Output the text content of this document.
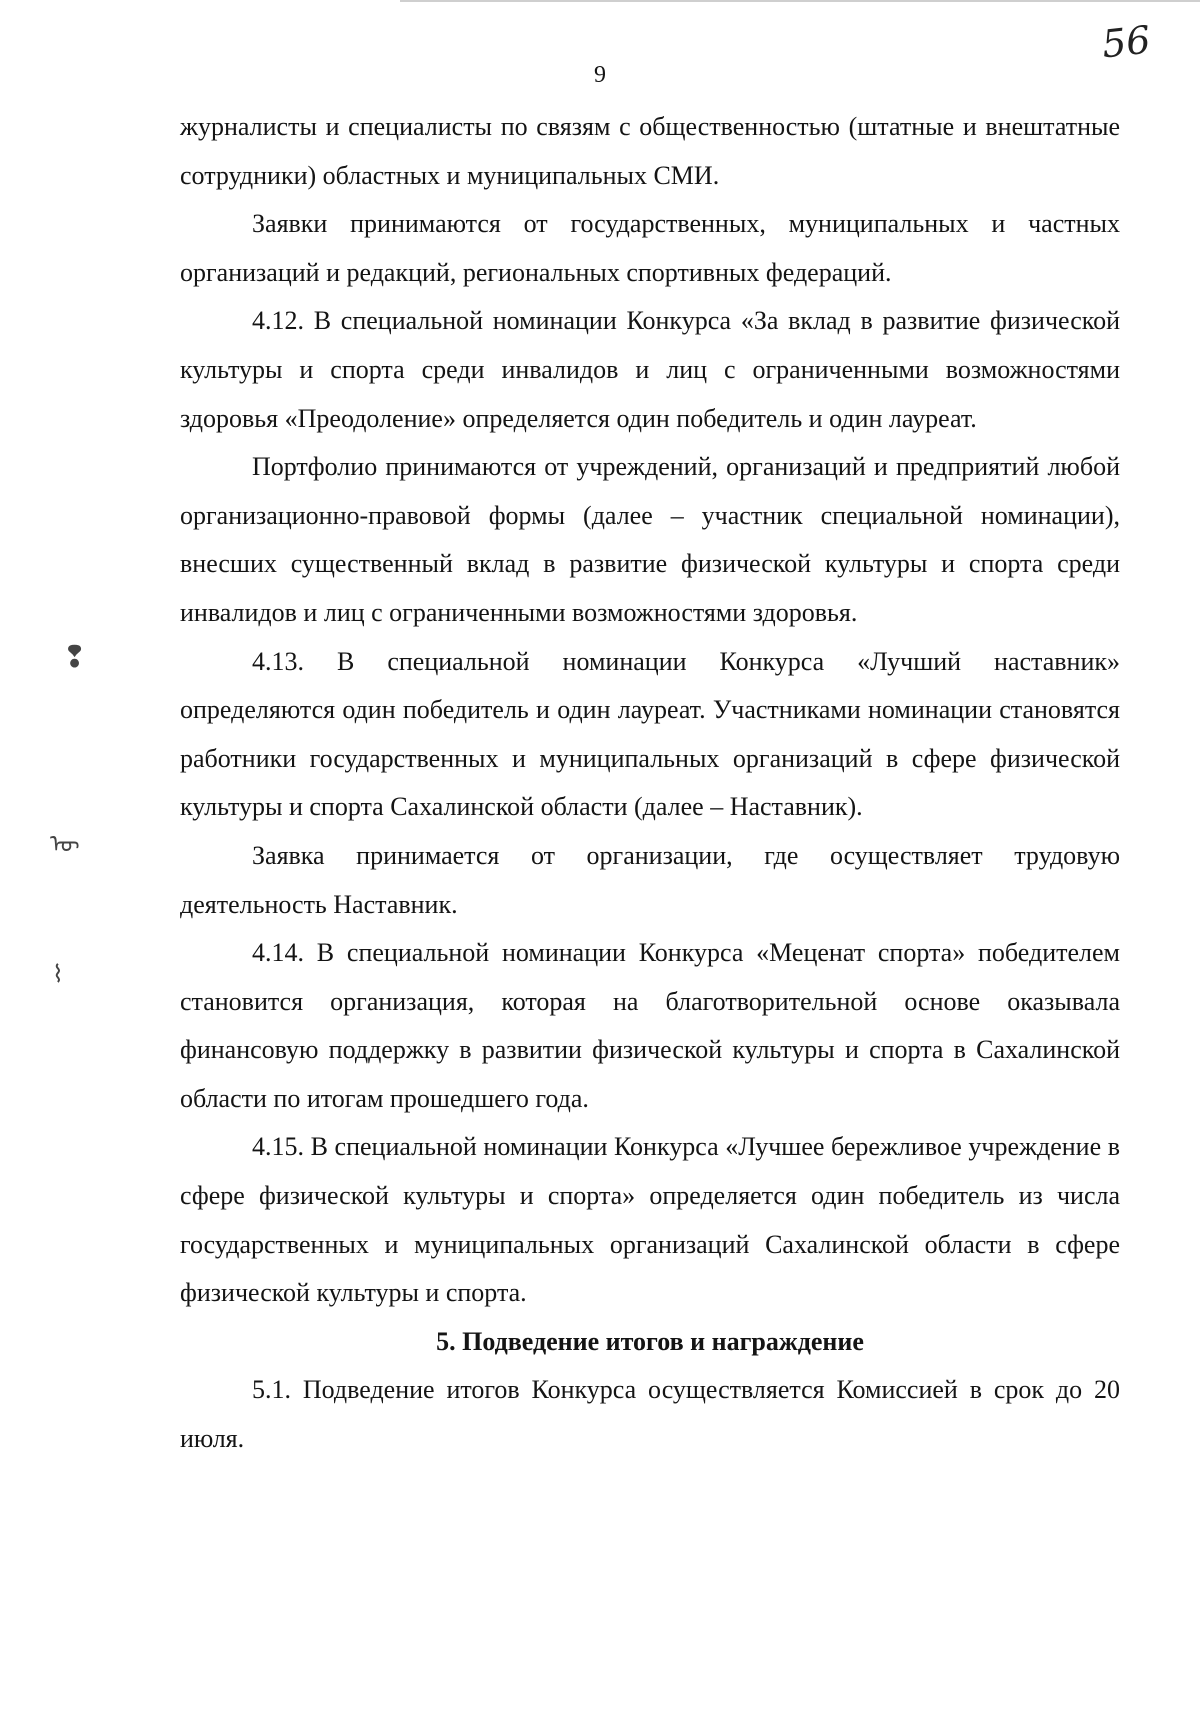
56
9
❢
ᠥ
⌇

журналисты и специалисты по связям с общественностью (штатные и внештатные сотрудники) областных и муниципальных СМИ.

Заявки принимаются от государственных, муниципальных и частных организаций и редакций, региональных спортивных федераций.

4.12. В специальной номинации Конкурса «За вклад в развитие физической культуры и спорта среди инвалидов и лиц с ограниченными возможностями здоровья «Преодоление» определяется один победитель и один лауреат.

Портфолио принимаются от учреждений, организаций и предприятий любой организационно-правовой формы (далее – участник специальной номинации), внесших существенный вклад в развитие физической культуры и спорта среди инвалидов и лиц с ограниченными возможностями здоровья.

4.13. В специальной номинации Конкурса «Лучший наставник» определяются один победитель и один лауреат. Участниками номинации становятся работники государственных и муниципальных организаций в сфере физической культуры и спорта Сахалинской области (далее – Наставник).

Заявка принимается от организации, где осуществляет трудовую деятельность Наставник.

4.14. В специальной номинации Конкурса «Меценат спорта» победителем становится организация, которая на благотворительной основе оказывала финансовую поддержку в развитии физической культуры и спорта в Сахалинской области по итогам прошедшего года.

4.15. В специальной номинации Конкурса «Лучшее бережливое учреждение в сфере физической культуры и спорта» определяется один победитель из числа государственных и муниципальных организаций Сахалинской области в сфере физической культуры и спорта.

5. Подведение итогов и награждение

5.1. Подведение итогов Конкурса осуществляется Комиссией в срок до 20 июля.
